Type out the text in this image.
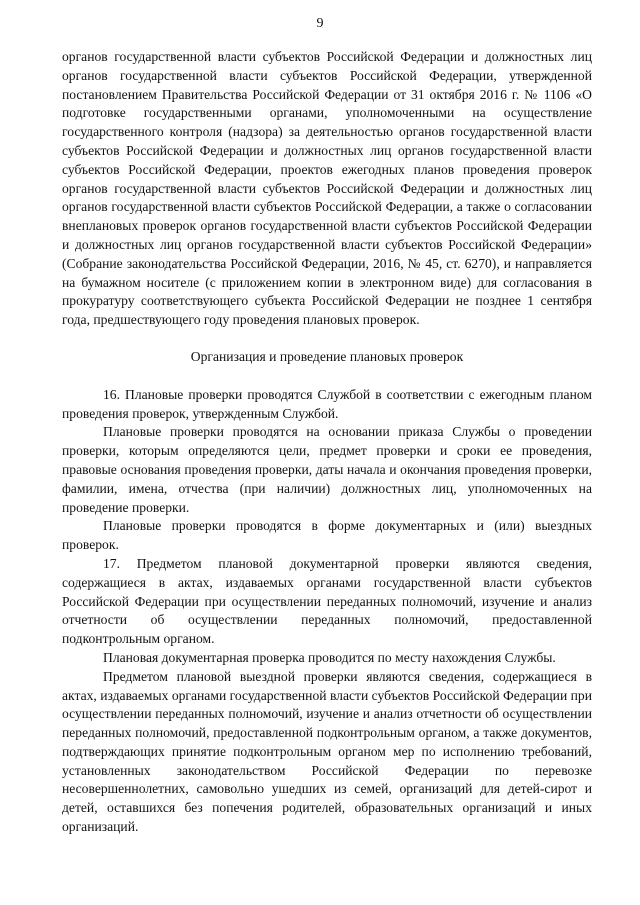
9

органов государственной власти субъектов Российской Федерации и должностных лиц органов государственной власти субъектов Российской Федерации, утвержденной постановлением Правительства Российской Федерации от 31 октября 2016 г. № 1106 «О подготовке государственными органами, уполномоченными на осуществление государственного контроля (надзора) за деятельностью органов государственной власти субъектов Российской Федерации и должностных лиц органов государственной власти субъектов Российской Федерации, проектов ежегодных планов проведения проверок органов государственной власти субъектов Российской Федерации и должностных лиц органов государственной власти субъектов Российской Федерации, а также о согласовании внеплановых проверок органов государственной власти субъектов Российской Федерации и должностных лиц органов государственной власти субъектов Российской Федерации» (Собрание законодательства Российской Федерации, 2016, № 45, ст. 6270), и направляется на бумажном носителе (с приложением копии в электронном виде) для согласования в прокуратуру соответствующего субъекта Российской Федерации не позднее 1 сентября года, предшествующего году проведения плановых проверок.

Организация и проведение плановых проверок

16. Плановые проверки проводятся Службой в соответствии с ежегодным планом проведения проверок, утвержденным Службой.

Плановые проверки проводятся на основании приказа Службы о проведении проверки, которым определяются цели, предмет проверки и сроки ее проведения, правовые основания проведения проверки, даты начала и окончания проведения проверки, фамилии, имена, отчества (при наличии) должностных лиц, уполномоченных на проведение проверки.

Плановые проверки проводятся в форме документарных и (или) выездных проверок.

17. Предметом плановой документарной проверки являются сведения, содержащиеся в актах, издаваемых органами государственной власти субъектов Российской Федерации при осуществлении переданных полномочий, изучение и анализ отчетности об осуществлении переданных полномочий, предоставленной подконтрольным органом.

Плановая документарная проверка проводится по месту нахождения Службы.

Предметом плановой выездной проверки являются сведения, содержащиеся в актах, издаваемых органами государственной власти субъектов Российской Федерации при осуществлении переданных полномочий, изучение и анализ отчетности об осуществлении переданных полномочий, предоставленной подконтрольным органом, а также документов, подтверждающих принятие подконтрольным органом мер по исполнению требований, установленных законодательством Российской Федерации по перевозке несовершеннолетних, самовольно ушедших из семей, организаций для детей-сирот и детей, оставшихся без попечения родителей, образовательных организаций и иных организаций.
